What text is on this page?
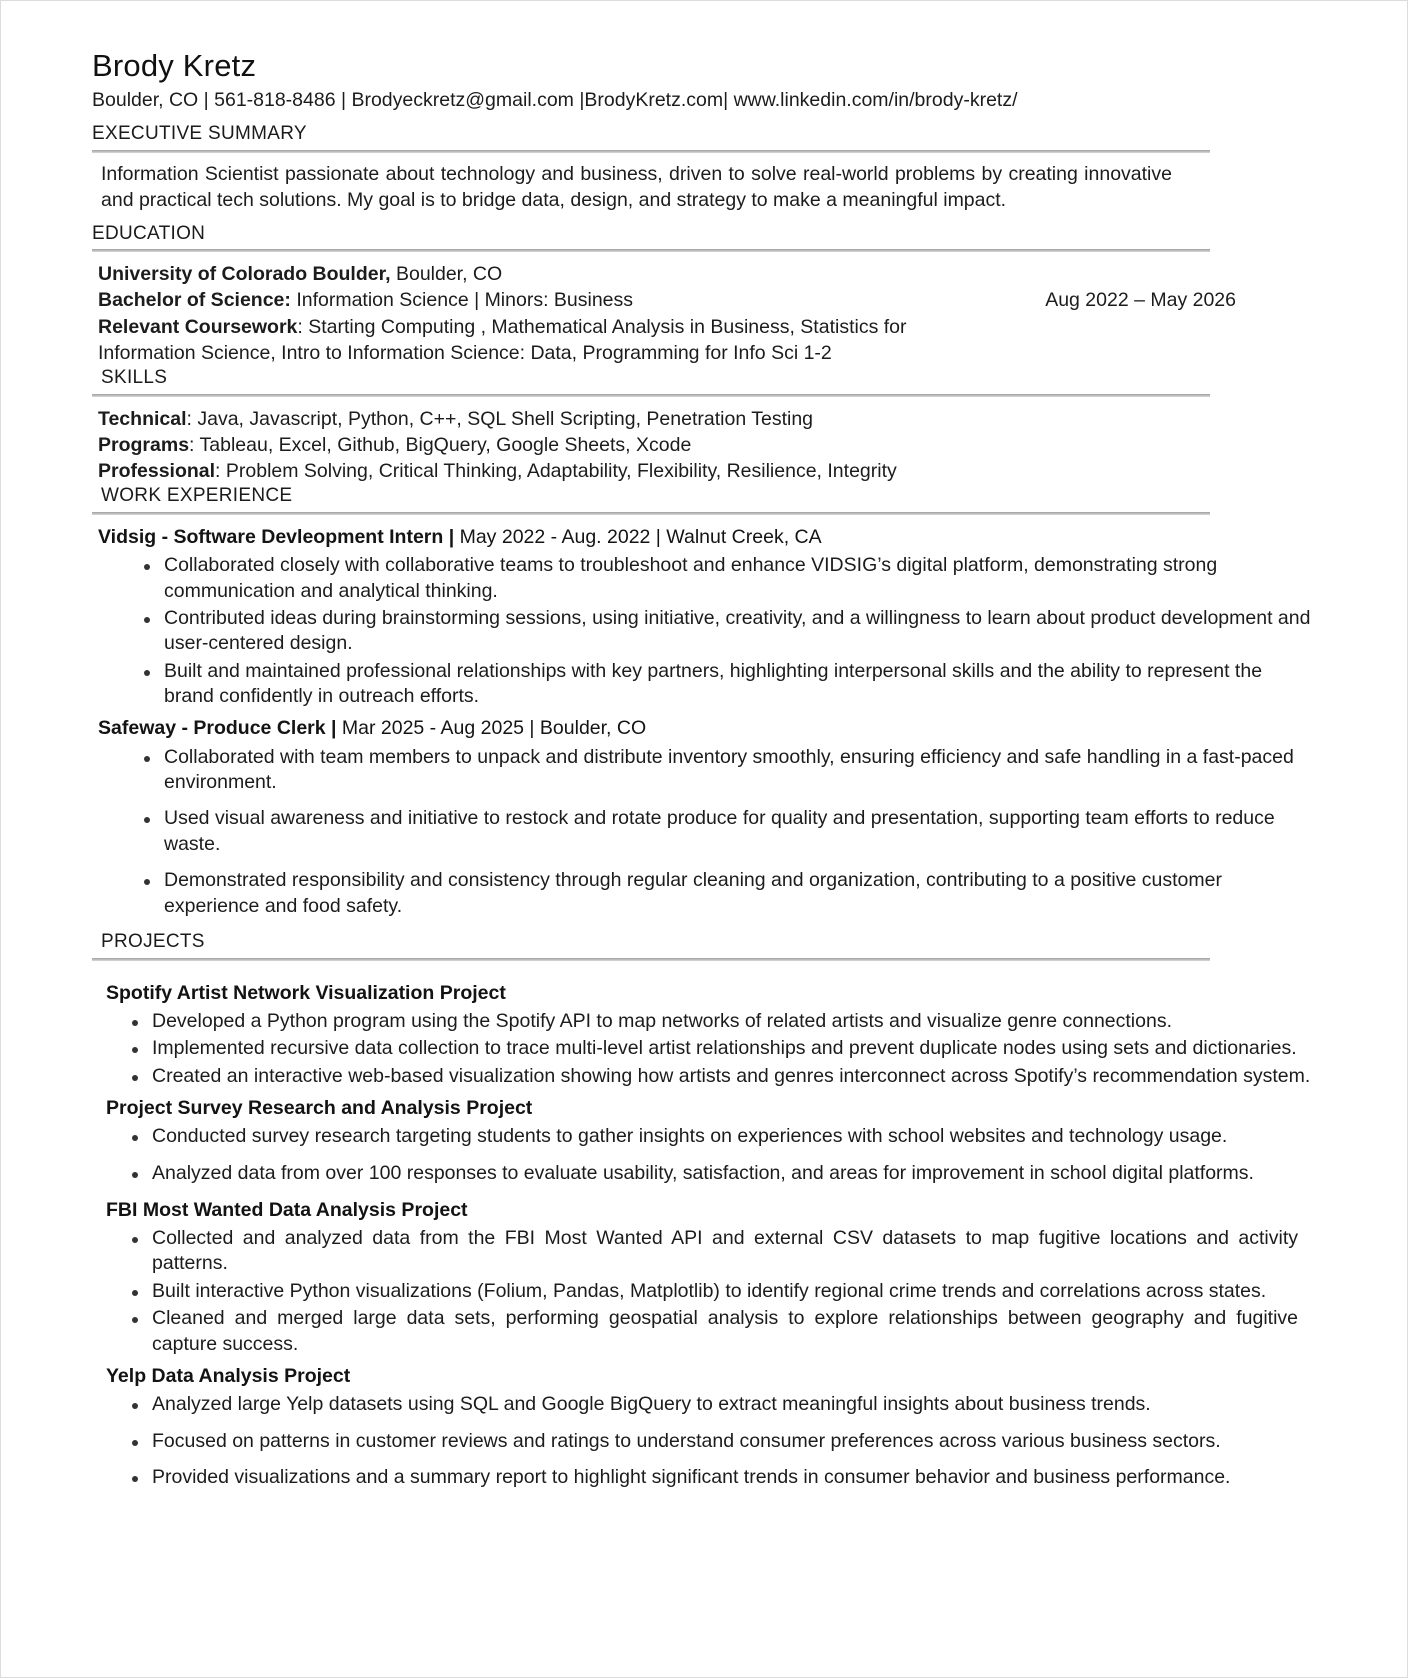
Brody Kretz
Boulder, CO | 561-818-8486 | Brodyeckretz@gmail.com |BrodyKretz.com| www.linkedin.com/in/brody-kretz/
EXECUTIVE SUMMARY
Information Scientist passionate about technology and business, driven to solve real-world problems by creating innovative and practical tech solutions. My goal is to bridge data, design, and strategy to make a meaningful impact.
EDUCATION
University of Colorado Boulder, Boulder, CO
Bachelor of Science: Information Science | Minors: Business
Relevant Coursework: Starting Computing , Mathematical Analysis in Business, Statistics for
Information Science, Intro to Information Science: Data, Programming for Info Sci 1-2
Aug 2022 – May 2026
SKILLS
Technical: Java, Javascript, Python, C++, SQL Shell Scripting, Penetration Testing
Programs: Tableau, Excel, Github, BigQuery, Google Sheets, Xcode
Professional: Problem Solving, Critical Thinking, Adaptability, Flexibility, Resilience, Integrity
WORK EXPERIENCE
Vidsig - Software Devleopment Intern | May 2022 - Aug. 2022 | Walnut Creek, CA
Collaborated closely with collaborative teams to troubleshoot and enhance VIDSIG’s digital platform, demonstrating strong communication and analytical thinking.
Contributed ideas during brainstorming sessions, using initiative, creativity, and a willingness to learn about product development and user-centered design.
Built and maintained professional relationships with key partners, highlighting interpersonal skills and the ability to represent the brand confidently in outreach efforts.
Safeway - Produce Clerk | Mar 2025 - Aug 2025 | Boulder, CO
Collaborated with team members to unpack and distribute inventory smoothly, ensuring efficiency and safe handling in a fast-paced environment.
Used visual awareness and initiative to restock and rotate produce for quality and presentation, supporting team efforts to reduce waste.
Demonstrated responsibility and consistency through regular cleaning and organization, contributing to a positive customer experience and food safety.
PROJECTS
Spotify Artist Network Visualization Project
Developed a Python program using the Spotify API to map networks of related artists and visualize genre connections.
Implemented recursive data collection to trace multi-level artist relationships and prevent duplicate nodes using sets and dictionaries.
Created an interactive web-based visualization showing how artists and genres interconnect across Spotify’s recommendation system.
Project Survey Research and Analysis Project
Conducted survey research targeting students to gather insights on experiences with school websites and technology usage.
Analyzed data from over 100 responses to evaluate usability, satisfaction, and areas for improvement in school digital platforms.
FBI Most Wanted Data Analysis Project
Collected and analyzed data from the FBI Most Wanted API and external CSV datasets to map fugitive locations and activity patterns.
Built interactive Python visualizations (Folium, Pandas, Matplotlib) to identify regional crime trends and correlations across states.
Cleaned and merged large data sets, performing geospatial analysis to explore relationships between geography and fugitive capture success.
Yelp Data Analysis Project
Analyzed large Yelp datasets using SQL and Google BigQuery to extract meaningful insights about business trends.
Focused on patterns in customer reviews and ratings to understand consumer preferences across various business sectors.
Provided visualizations and a summary report to highlight significant trends in consumer behavior and business performance.
